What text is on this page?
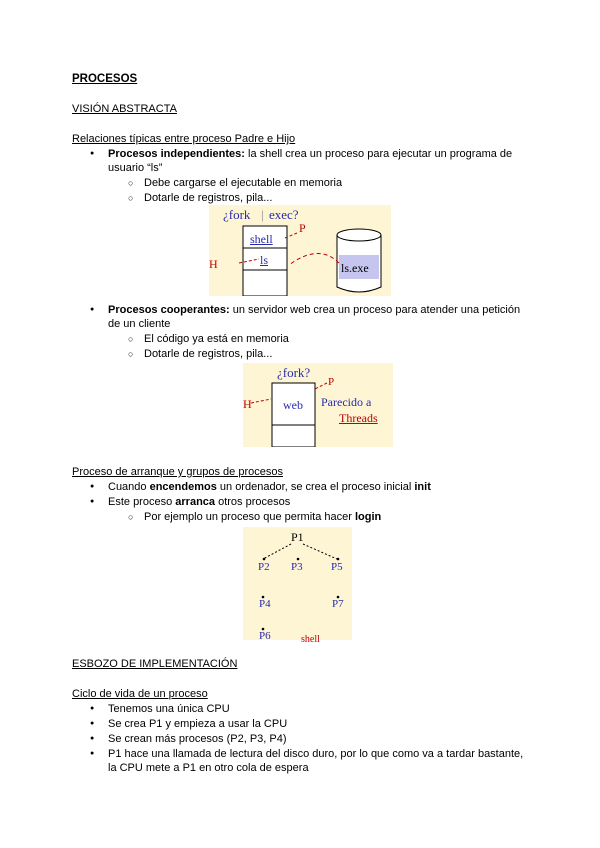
PROCESOS
VISIÓN ABSTRACTA
Relaciones típicas entre proceso Padre e Hijo
● Procesos independientes: la shell crea un proceso para ejecutar un programa de
usuario “ls”
○ Debe cargarse el ejecutable en memoria
○ Dotarle de registros, pila...
¿fork | exec?
P
H
shell
ls
ls.exe
● Procesos cooperantes: un servidor web crea un proceso para atender una petición
de un cliente
○ El código ya está en memoria
○ Dotarle de registros, pila...
¿fork?
P
H	web Parecido a
Threads
Proceso de arranque y grupos de procesos
● Cuando encendemos un ordenador, se crea el proceso inicial init
● Este proceso arranca otros procesos
○ Por ejemplo un proceso que permita hacer login
P1
P2 P3	P5
P4	P7
P6	shell
ESBOZO DE IMPLEMENTACIÓN
Ciclo de vida de un proceso
● Tenemos una única CPU
● Se crea P1 y empieza a usar la CPU
● Se crean más procesos (P2, P3, P4)
● P1 hace una llamada de lectura del disco duro, por lo que como va a tardar bastante,
la CPU mete a P1 en otro cola de espera
